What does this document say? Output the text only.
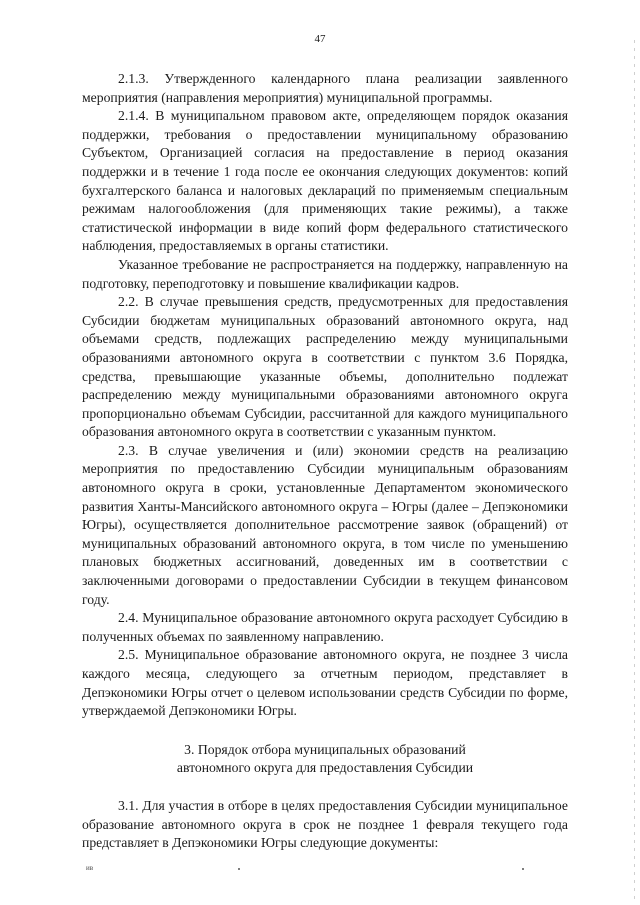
47

2.1.3. Утвержденного календарного плана реализации заявленного мероприятия (направления мероприятия) муниципальной программы.

2.1.4. В муниципальном правовом акте, определяющем порядок оказания поддержки, требования о предоставлении муниципальному образованию Субъектом, Организацией согласия на предоставление в период оказания поддержки и в течение 1 года после ее окончания следующих документов: копий бухгалтерского баланса и налоговых деклараций по применяемым специальным режимам налогообложения (для применяющих такие режимы), а также статистической информации в виде копий форм федерального статистического наблюдения, предоставляемых в органы статистики.

Указанное требование не распространяется на поддержку, направленную на подготовку, переподготовку и повышение квалификации кадров.

2.2. В случае превышения средств, предусмотренных для предоставления Субсидии бюджетам муниципальных образований автономного округа, над объемами средств, подлежащих распределению между муниципальными образованиями автономного округа в соответствии с пунктом 3.6 Порядка, средства, превышающие указанные объемы, дополнительно подлежат распределению между муниципальными образованиями автономного округа пропорционально объемам Субсидии, рассчитанной для каждого муниципального образования автономного округа в соответствии с указанным пунктом.

2.3. В случае увеличения и (или) экономии средств на реализацию мероприятия по предоставлению Субсидии муниципальным образованиям автономного округа в сроки, установленные Департаментом экономического развития Ханты-Мансийского автономного округа – Югры (далее – Депэкономики Югры), осуществляется дополнительное рассмотрение заявок (обращений) от муниципальных образований автономного округа, в том числе по уменьшению плановых бюджетных ассигнований, доведенных им в соответствии с заключенными договорами о предоставлении Субсидии в текущем финансовом году.

2.4. Муниципальное образование автономного округа расходует Субсидию в полученных объемах по заявленному направлению.

2.5. Муниципальное образование автономного округа, не позднее 3 числа каждого месяца, следующего за отчетным периодом, представляет в Депэкономики Югры отчет о целевом использовании средств Субсидии по форме, утверждаемой Депэкономики Югры.

3. Порядок отбора муниципальных образований
автономного округа для предоставления Субсидии

3.1. Для участия в отборе в целях предоставления Субсидии муниципальное образование автономного округа в срок не позднее 1 февраля текущего года представляет в Депэкономики Югры следующие документы:

ив
